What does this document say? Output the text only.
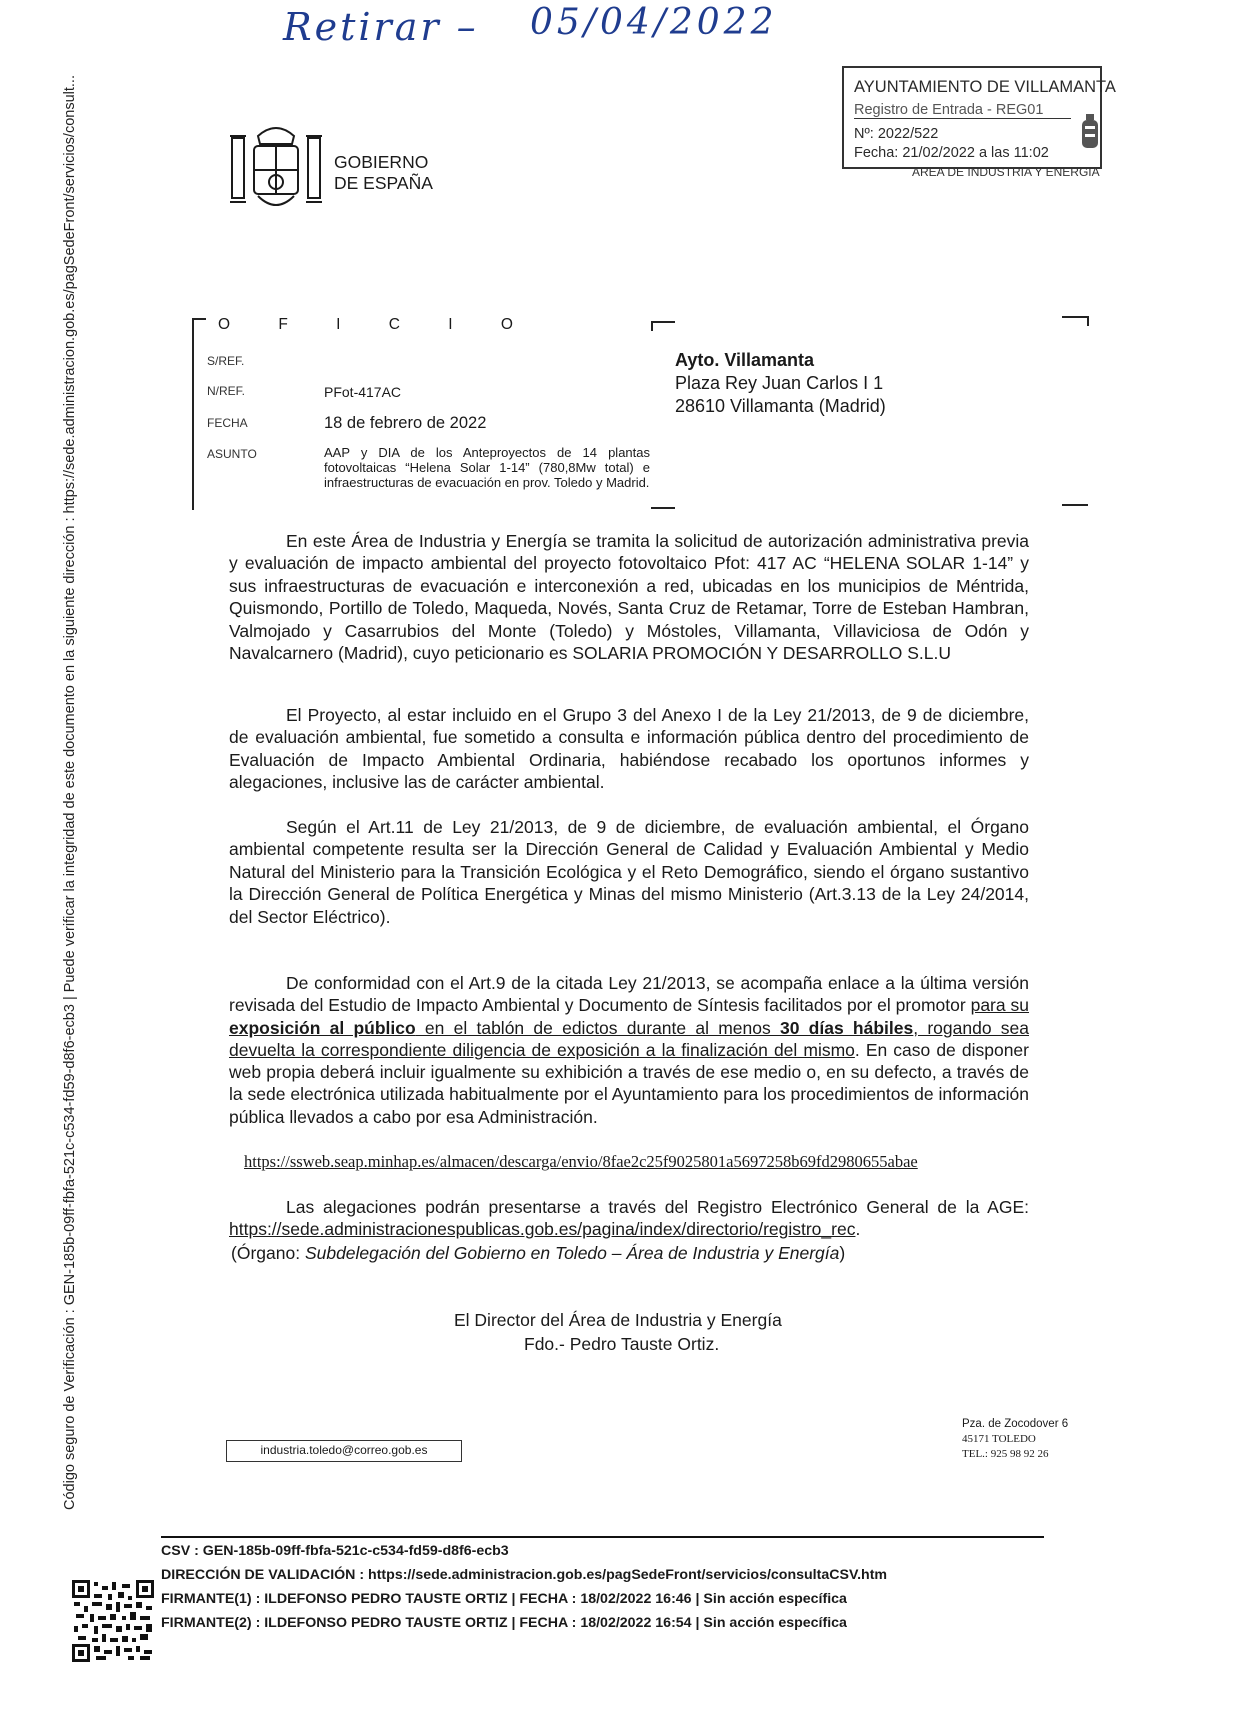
Retirar – 05/04/2022
Código seguro de Verificación : GEN-185b-09ff-fbfa-521c-c534-fd59-d8f6-ecb3 | Puede verificar la integridad de este documento en la siguiente dirección : https://sede.administracion.gob.es/pagSedeFront/servicios/consult...	GOBIERNO
DE ESPAÑA
AYUNTAMIENTO DE VILLAMANTA
Registro de Entrada - REG01
Nº: 2022/522
Fecha: 21/02/2022 a las 11:02
AREA DE INDUSTRIA Y ENERGIA
O F I C I O
S/REF.
N/REF.	PFot-417AC
FECHA	18 de febrero de 2022
ASUNTO	AAP y DIA de los Anteproyectos de 14 plantas fotovoltaicas “Helena Solar 1-14” (780,8Mw total) e infraestructuras de evacuación en prov. Toledo y Madrid.
Ayto. Villamanta
Plaza Rey Juan Carlos I 1
28610 Villamanta (Madrid)
En este Área de Industria y Energía se tramita la solicitud de autorización administrativa previa y evaluación de impacto ambiental del proyecto fotovoltaico Pfot: 417 AC “HELENA SOLAR 1-14” y sus infraestructuras de evacuación e interconexión a red, ubicadas en los municipios de Méntrida, Quismondo, Portillo de Toledo, Maqueda, Novés, Santa Cruz de Retamar, Torre de Esteban Hambran, Valmojado y Casarrubios del Monte (Toledo) y Móstoles, Villamanta, Villaviciosa de Odón y Navalcarnero (Madrid), cuyo peticionario es SOLARIA PROMOCIÓN Y DESARROLLO S.L.U
El Proyecto, al estar incluido en el Grupo 3 del Anexo I de la Ley 21/2013, de 9 de diciembre, de evaluación ambiental, fue sometido a consulta e información pública dentro del procedimiento de Evaluación de Impacto Ambiental Ordinaria, habiéndose recabado los oportunos informes y alegaciones, inclusive las de carácter ambiental.
Según el Art.11 de Ley 21/2013, de 9 de diciembre, de evaluación ambiental, el Órgano ambiental competente resulta ser la Dirección General de Calidad y Evaluación Ambiental y Medio Natural del Ministerio para la Transición Ecológica y el Reto Demográfico, siendo el órgano sustantivo la Dirección General de Política Energética y Minas del mismo Ministerio (Art.3.13 de la Ley 24/2014, del Sector Eléctrico).
De conformidad con el Art.9 de la citada Ley 21/2013, se acompaña enlace a la última versión revisada del Estudio de Impacto Ambiental y Documento de Síntesis facilitados por el promotor para su exposición al público en el tablón de edictos durante al menos 30 días hábiles, rogando sea devuelta la correspondiente diligencia de exposición a la finalización del mismo. En caso de disponer web propia deberá incluir igualmente su exhibición a través de ese medio o, en su defecto, a través de la sede electrónica utilizada habitualmente por el Ayuntamiento para los procedimientos de información pública llevados a cabo por esa Administración.
https://ssweb.seap.minhap.es/almacen/descarga/envio/8fae2c25f9025801a5697258b69fd2980655abae
Las alegaciones podrán presentarse a través del Registro Electrónico General de la AGE: https://sede.administracionespublicas.gob.es/pagina/index/directorio/registro_rec.
(Órgano: Subdelegación del Gobierno en Toledo – Área de Industria y Energía)
El Director del Área de Industria y Energía
Fdo.- Pedro Tauste Ortiz.
industria.toledo@correo.gob.es
Pza. de Zocodover 6
45171 TOLEDO
TEL.: 925 98 92 26
CSV : GEN-185b-09ff-fbfa-521c-c534-fd59-d8f6-ecb3
DIRECCIÓN DE VALIDACIÓN : https://sede.administracion.gob.es/pagSedeFront/servicios/consultaCSV.htm
FIRMANTE(1) : ILDEFONSO PEDRO TAUSTE ORTIZ | FECHA : 18/02/2022 16:46 | Sin acción específica
FIRMANTE(2) : ILDEFONSO PEDRO TAUSTE ORTIZ | FECHA : 18/02/2022 16:54 | Sin acción específica
